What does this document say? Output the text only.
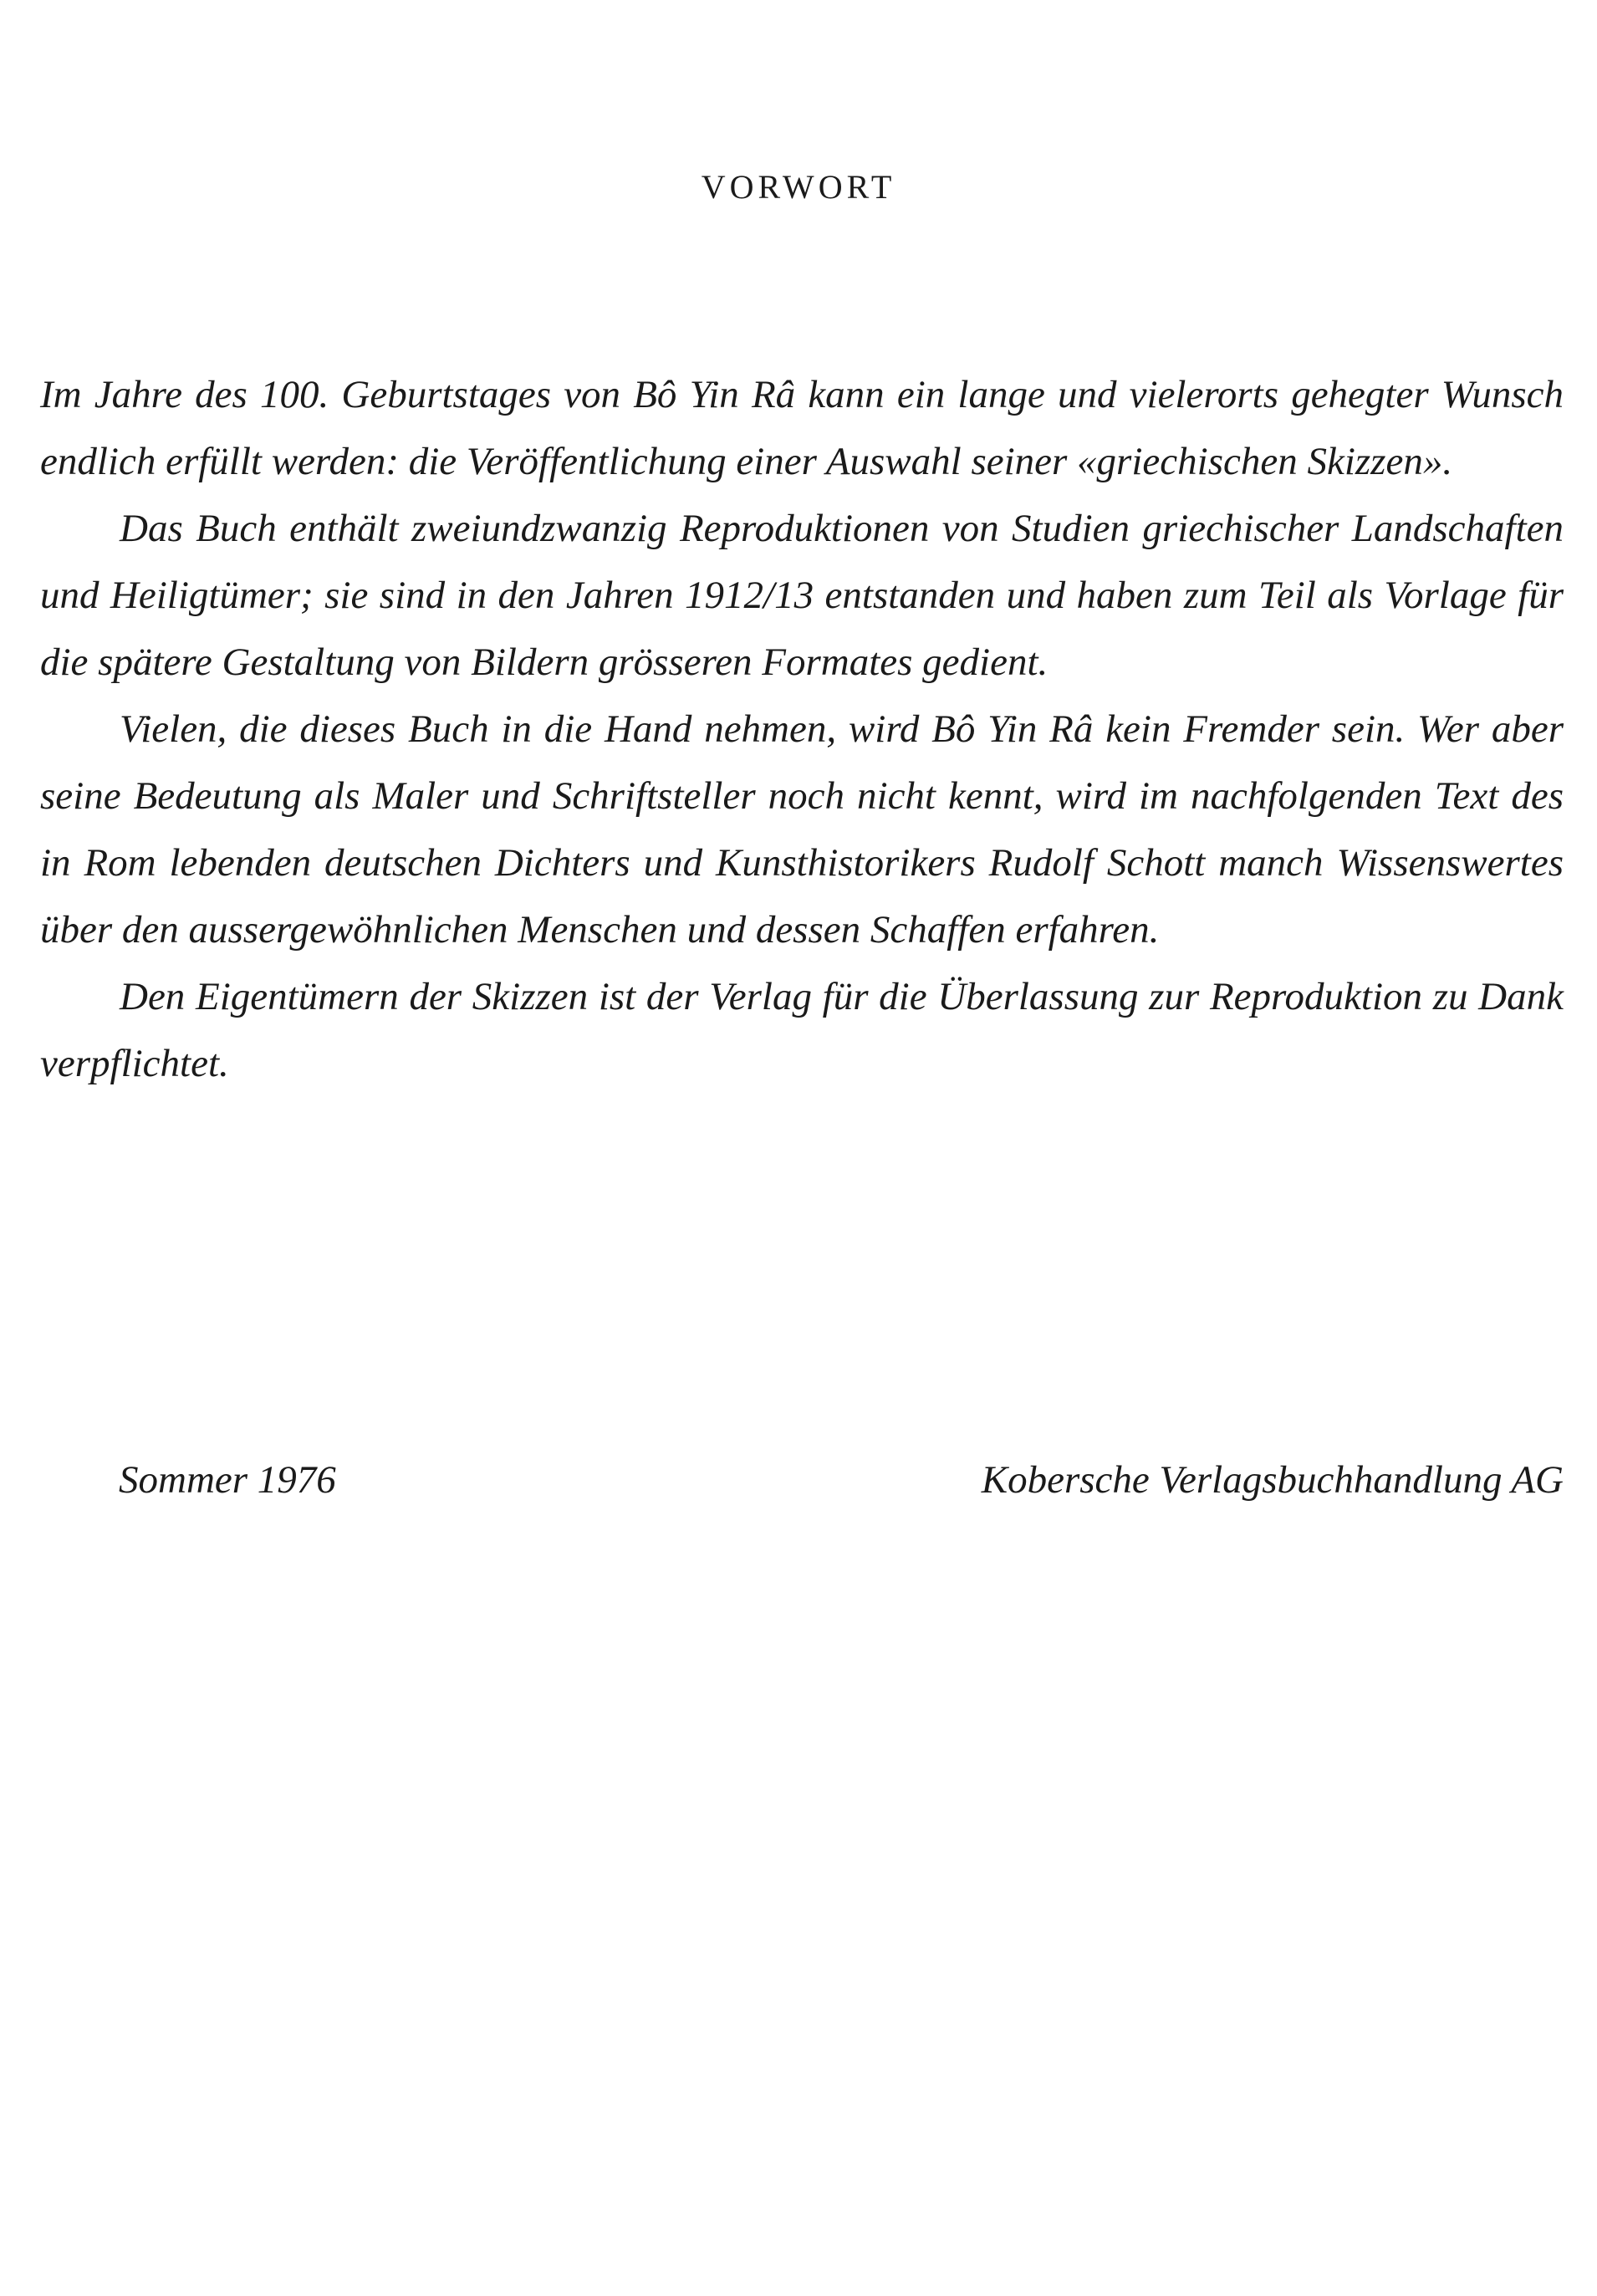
VORWORT

Im Jahre des 100. Geburtstages von Bô Yin Râ kann ein lange und vielerorts gehegter Wunsch endlich erfüllt werden: die Veröffentlichung einer Auswahl seiner «griechischen Skizzen».

Das Buch enthält zweiundzwanzig Reproduktionen von Studien griechischer Landschaften und Heiligtümer; sie sind in den Jahren 1912/13 entstanden und haben zum Teil als Vorlage für die spätere Gestaltung von Bildern grösseren Formates gedient.

Vielen, die dieses Buch in die Hand nehmen, wird Bô Yin Râ kein Fremder sein. Wer aber seine Bedeutung als Maler und Schriftsteller noch nicht kennt, wird im nachfolgenden Text des in Rom lebenden deutschen Dichters und Kunsthistorikers Rudolf Schott manch Wissenswertes über den aussergewöhnlichen Menschen und dessen Schaffen erfahren.

Den Eigentümern der Skizzen ist der Verlag für die Überlassung zur Reproduktion zu Dank verpflichtet.

Sommer 1976	Kobersche Verlagsbuchhandlung AG
